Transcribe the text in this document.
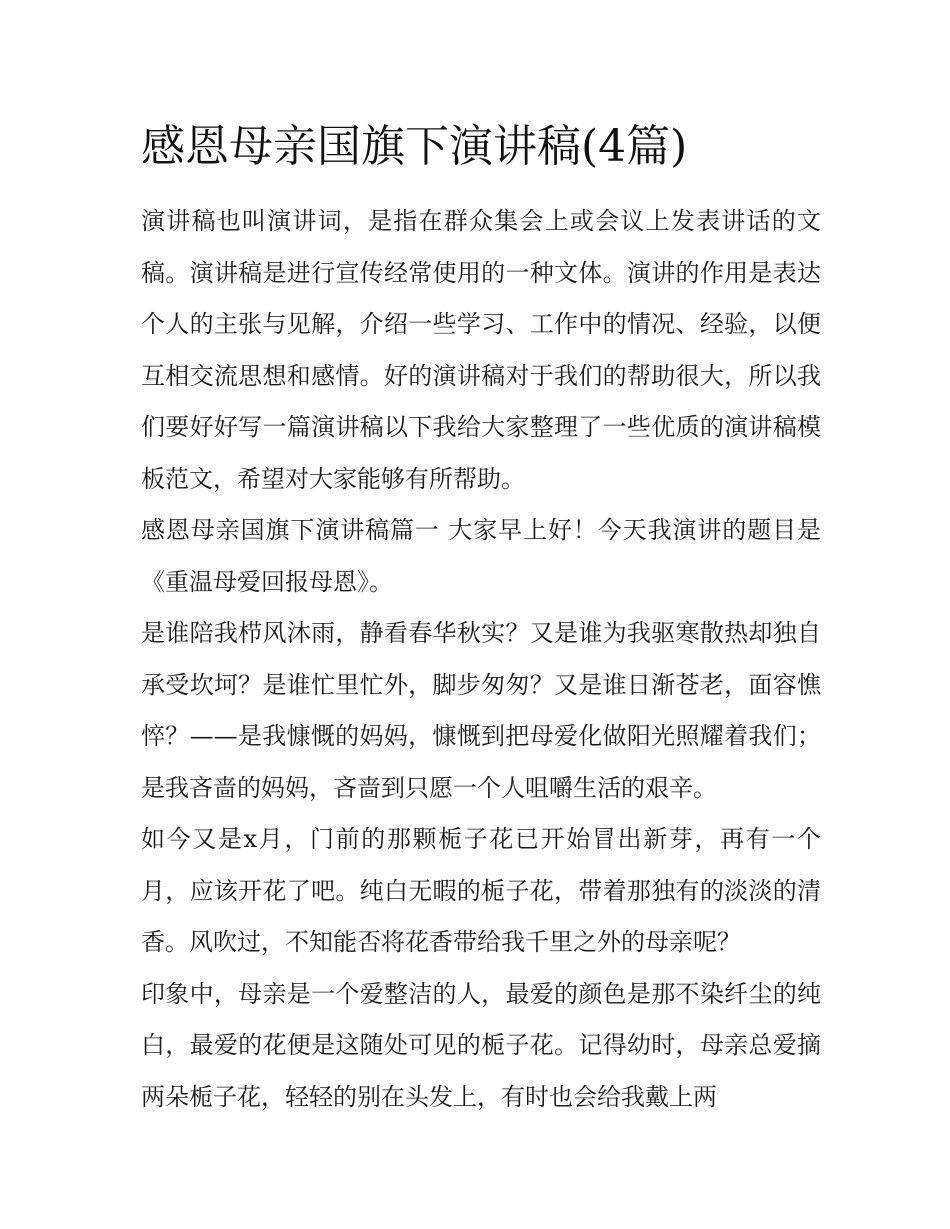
感恩母亲国旗下演讲稿(4篇)

演讲稿也叫演讲词，是指在群众集会上或会议上发表讲话的文稿。演讲稿是进行宣传经常使用的一种文体。演讲的作用是表达个人的主张与见解，介绍一些学习、工作中的情况、经验，以便互相交流思想和感情。好的演讲稿对于我们的帮助很大，所以我们要好好写一篇演讲稿以下我给大家整理了一些优质的演讲稿模板范文，希望对大家能够有所帮助。

感恩母亲国旗下演讲稿篇一 大家早上好！今天我演讲的题目是《重温母爱回报母恩》。

是谁陪我栉风沐雨，静看春华秋实？又是谁为我驱寒散热却独自承受坎坷？是谁忙里忙外，脚步匆匆？又是谁日渐苍老，面容憔悴？——是我慷慨的妈妈，慷慨到把母爱化做阳光照耀着我们；是我吝啬的妈妈，吝啬到只愿一个人咀嚼生活的艰辛。

如今又是x月，门前的那颗栀子花已开始冒出新芽，再有一个月，应该开花了吧。纯白无暇的栀子花，带着那独有的淡淡的清香。风吹过，不知能否将花香带给我千里之外的母亲呢？

印象中，母亲是一个爱整洁的人，最爱的颜色是那不染纤尘的纯白，最爱的花便是这随处可见的栀子花。记得幼时，母亲总爱摘两朵栀子花，轻轻的别在头发上，有时也会给我戴上两
